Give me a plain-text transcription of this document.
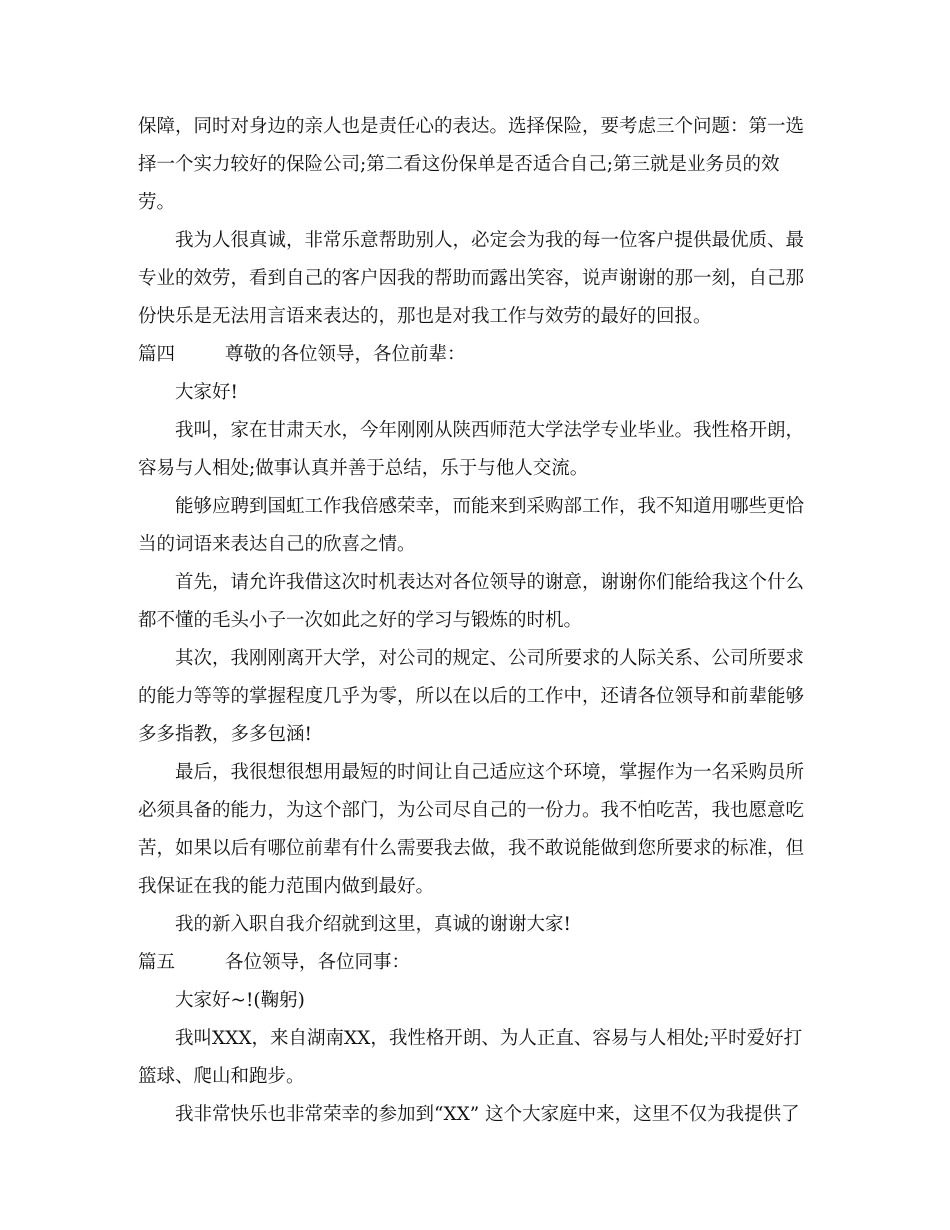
保障，同时对身边的亲人也是责任心的表达。选择保险，要考虑三个问题：第一选
择一个实力较好的保险公司;第二看这份保单是否适合自己;第三就是业务员的效
劳。
我为人很真诚，非常乐意帮助别人，必定会为我的每一位客户提供最优质、最
专业的效劳，看到自己的客户因我的帮助而露出笑容，说声谢谢的那一刻，自己那
份快乐是无法用言语来表达的，那也是对我工作与效劳的最好的回报。
篇四	尊敬的各位领导，各位前辈：
大家好!
我叫，家在甘肃天水，今年刚刚从陕西师范大学法学专业毕业。我性格开朗，
容易与人相处;做事认真并善于总结，乐于与他人交流。
能够应聘到国虹工作我倍感荣幸，而能来到采购部工作，我不知道用哪些更恰
当的词语来表达自己的欣喜之情。
首先，请允许我借这次时机表达对各位领导的谢意，谢谢你们能给我这个什么
都不懂的毛头小子一次如此之好的学习与锻炼的时机。
其次，我刚刚离开大学，对公司的规定、公司所要求的人际关系、公司所要求
的能力等等的掌握程度几乎为零，所以在以后的工作中，还请各位领导和前辈能够
多多指教，多多包涵!
最后，我很想很想用最短的时间让自己适应这个环境，掌握作为一名采购员所
必须具备的能力，为这个部门，为公司尽自己的一份力。我不怕吃苦，我也愿意吃
苦，如果以后有哪位前辈有什么需要我去做，我不敢说能做到您所要求的标准，但
我保证在我的能力范围内做到最好。
我的新入职自我介绍就到这里，真诚的谢谢大家!
篇五	各位领导，各位同事：
大家好~!(鞠躬)
我叫XXX，来自湖南XX，我性格开朗、为人正直、容易与人相处;平时爱好打
篮球、爬山和跑步。
我非常快乐也非常荣幸的参加到“XX” 这个大家庭中来，这里不仅为我提供了
